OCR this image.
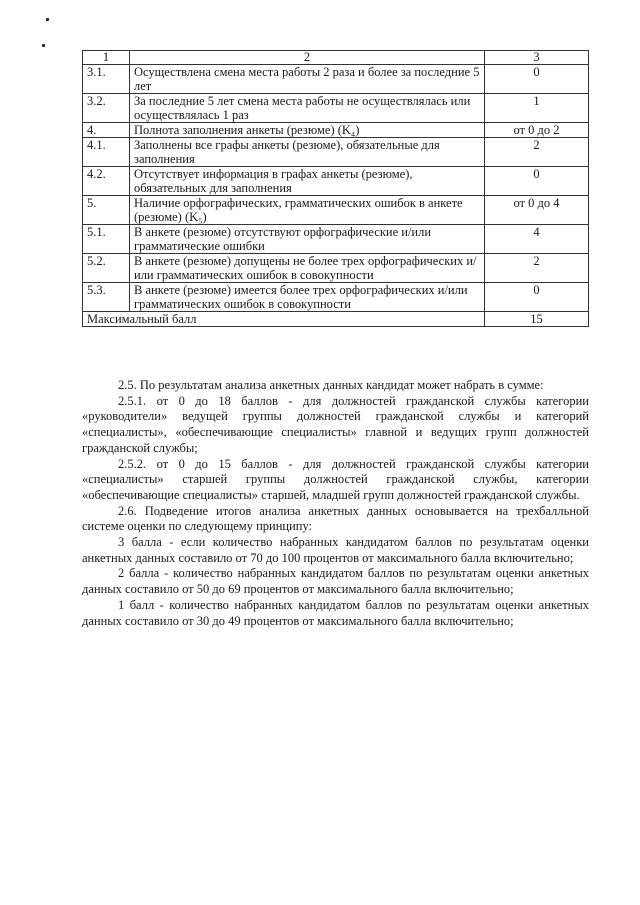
1	2	3
3.1.	Осуществлена смена места работы 2 раза и более за последние 5 лет	0
3.2.	За последние 5 лет смена места работы не осуществлялась или осуществлялась 1 раз	1
4.	Полнота заполнения анкеты (резюме) (K₄)	от 0 до 2
4.1.	Заполнены все графы анкеты (резюме), обязательные для заполнения	2
4.2.	Отсутствует информация в графах анкеты (резюме), обязательных для заполнения	0
5.	Наличие орфографических, грамматических ошибок в анкете (резюме) (K₅)	от 0 до 4
5.1.	В анкете (резюме) отсутствуют орфографические и/или грамматические ошибки	4
5.2.	В анкете (резюме) допущены не более трех орфографических и/или грамматических ошибок в совокупности	2
5.3.	В анкете (резюме) имеется более трех орфографических и/или грамматических ошибок в совокупности	0
Максимальный балл		15

2.5. По результатам анализа анкетных данных кандидат может набрать в сумме:

2.5.1. от 0 до 18 баллов - для должностей гражданской службы категории «руководители» ведущей группы должностей гражданской службы и категорий «специалисты», «обеспечивающие специалисты» главной и ведущих групп должностей гражданской службы;

2.5.2. от 0 до 15 баллов - для должностей гражданской службы категории «специалисты» старшей группы должностей гражданской службы, категории «обеспечивающие специалисты» старшей, младшей групп должностей гражданской службы.

2.6. Подведение итогов анализа анкетных данных основывается на трехбалльной системе оценки по следующему принципу:

3 балла - если количество набранных кандидатом баллов по результатам оценки анкетных данных составило от 70 до 100 процентов от максимального балла включительно;

2 балла - количество набранных кандидатом баллов по результатам оценки анкетных данных составило от 50 до 69 процентов от максимального балла включительно;

1 балл - количество набранных кандидатом баллов по результатам оценки анкетных данных составило от 30 до 49 процентов от максимального балла включительно;
